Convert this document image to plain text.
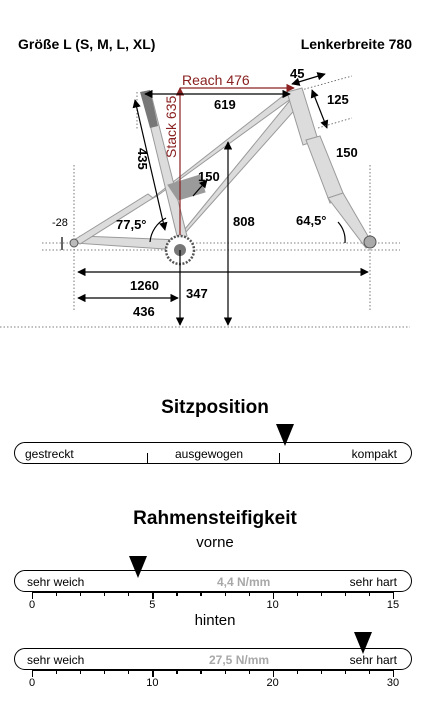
Größe L (S, M, L, XL)	Lenkerbreite 780
Reach 476
Stack 635	619
45
125
150
150
435
77,5°	64,5°
-28	808
1260
436
347
Sitzposition
gestreckt	ausgewogen	kompakt
Rahmensteifigkeit
vorne
sehr weich	4,4 N/mm	sehr hart
0	5	10	15
hinten
sehr weich	27,5 N/mm	sehr hart
0	10	20	30
